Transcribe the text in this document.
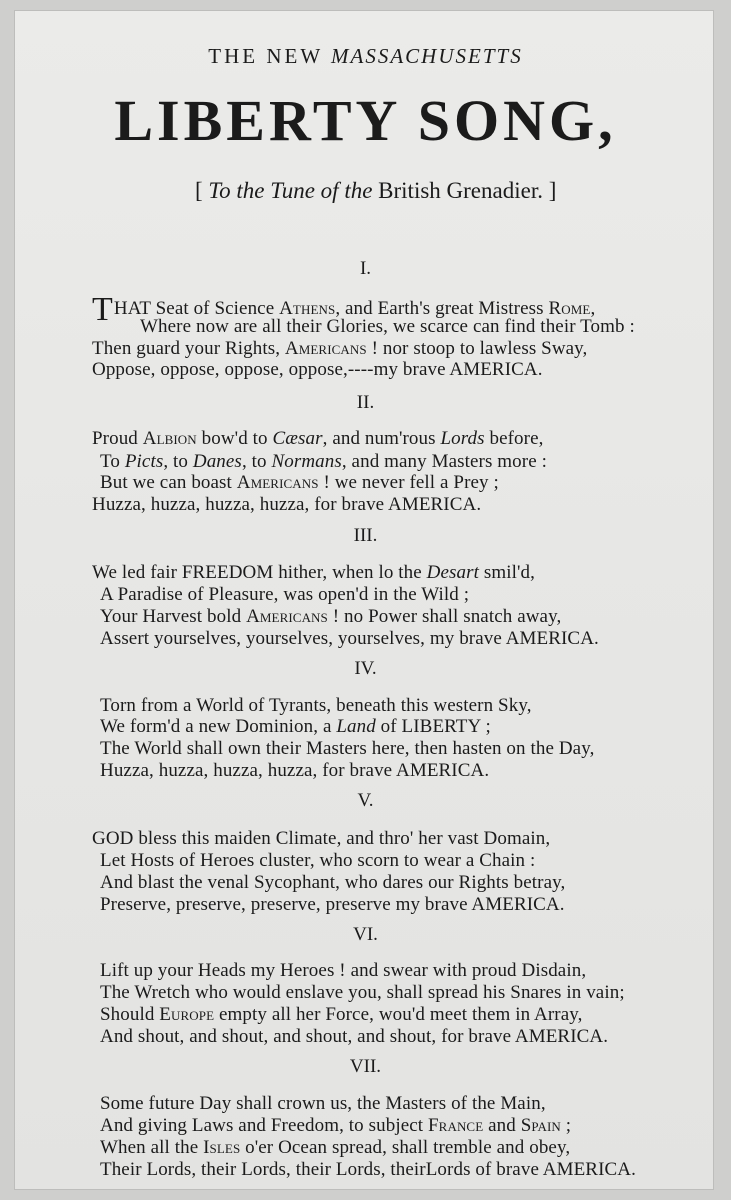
THE NEW MASSACHUSETTS
LIBERTY SONG,
[ To the Tune of the British Grenadier. ]
I.
THAT Seat of Science Athens, and Earth's great Mistress Rome,
Where now are all their Glories, we scarce can find their Tomb :
Then guard your Rights, Americans ! nor stoop to lawless Sway,
Oppose, oppose, oppose, oppose,----my brave AMERICA.
II.
Proud Albion bow'd to Cæsar, and num'rous Lords before,
To Picts, to Danes, to Normans, and many Masters more :
But we can boast Americans ! we never fell a Prey ;
Huzza, huzza, huzza, huzza, for brave AMERICA.
III.
We led fair FREEDOM hither, when lo the Desart smil'd,
A Paradise of Pleasure, was open'd in the Wild ;
Your Harvest bold Americans ! no Power shall snatch away,
Assert yourselves, yourselves, yourselves, my brave AMERICA.
IV.
Torn from a World of Tyrants, beneath this western Sky,
We form'd a new Dominion, a Land of LIBERTY ;
The World shall own their Masters here, then hasten on the Day,
Huzza, huzza, huzza, huzza, for brave AMERICA.
V.
GOD bless this maiden Climate, and thro' her vast Domain,
Let Hosts of Heroes cluster, who scorn to wear a Chain :
And blast the venal Sycophant, who dares our Rights betray,
Preserve, preserve, preserve, preserve my brave AMERICA.
VI.
Lift up your Heads my Heroes ! and swear with proud Disdain,
The Wretch who would enslave you, shall spread his Snares in vain;
Should Europe empty all her Force, wou'd meet them in Array,
And shout, and shout, and shout, and shout, for brave AMERICA.
VII.
Some future Day shall crown us, the Masters of the Main,
And giving Laws and Freedom, to subject France and Spain ;
When all the Isles o'er Ocean spread, shall tremble and obey,
Their Lords, their Lords, their Lords, theirLords of brave AMERICA.
